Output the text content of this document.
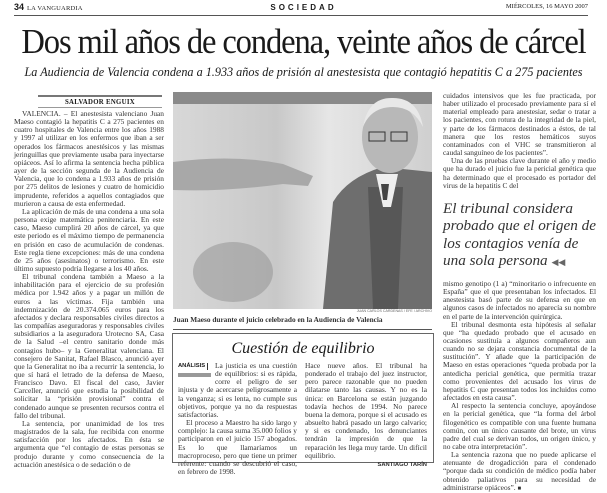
34 LA VANGUARDIA	SOCIEDAD	MIÉRCOLES, 16 MAYO 2007
Dos mil años de condena, veinte años de cárcel
La Audiencia de Valencia condena a 1.933 años de prisión al anestesista que contagió hepatitis C a 275 pacientes
SALVADOR ENGUIX

VALENCIA. – El anestesista valenciano Juan Maeso contagió la hepatitis C a 275 pacientes en cuatro hospitales de Valencia entre los años 1988 y 1997 al utilizar en los enfermos que iban a ser operados los fármacos anestésicos y las mismas jeringuillas que previamente usaba para inyectarse opiáceos. Así lo afirma la sentencia hecha pública ayer de la sección segunda de la Audiencia de Valencia, que lo condena a 1.933 años de prisión por 275 delitos de lesiones y cuatro de homicidio imprudente, referidos a aquellos contagiados que murieron a causa de esta enfermedad.

La aplicación de más de una condena a una sola persona exige matemática penitenciaria. En este caso, Maeso cumplirá 20 años de cárcel, ya que este periodo es el máximo tiempo de permanencia en prisión en caso de acumulación de condenas. Este regla tiene excepciones: más de una condena de 25 años (asesinatos) o terrorismo. En este último supuesto podría llegarse a los 40 años.

El tribunal condena también a Maeso a la inhabilitación para el ejercicio de su profesión médica por 1.942 años y a pagar un millón de euros a las víctimas. Fija también una indemnización de 20.374.065 euros para los afectados y declara responsables civiles directos a las compañías aseguradoras y responsables civiles subsidiarios a la aseguradora Urotecno SA, Casa de la Salud –el centro sanitario donde más contagios hubo– y la Generalitat valenciana. El consejero de Sanitat, Rafael Blasco, anunció ayer que la Generalitat no iba a recurrir la sentencia, lo que sí hará el letrado de la defensa de Maeso, Francisco Davo. El fiscal del caso, Javier Carceller, anunció que estudia la posibilidad de solicitar la “prisión provisional” contra el condenado aunque se presenten recursos contra el fallo del tribunal.

La sentencia, por unanimidad de los tres magistrados de la sala, fue recibida con enorme satisfacción por los afectados. En ésta se argumenta que “el contagio de estas personas se produjo durante y como consecuencia de la actuación anestésica o de sedación o de

JUAN CARLOS CÁRDENAS / EFE / ARCHIVO
Juan Maeso durante el juicio celebrado en la Audiencia de Valencia
Cuestión de equilibrio
ANÁLISIS	La justicia es una cuestión de equilibrios: si es rápida, corre el peligro de ser injusta y de acercarse peligrosamente a la venganza; si es lenta, no cumple sus objetivos, porque ya no da respuestas satisfactorias.

El proceso a Maestro ha sido largo y complejo: la causa suma 35.000 folios y participaron en el juicio 157 abogados. Es lo que llamaríamos un macroproceso, pero que tiene un primer referente: cuando se descubrió el caso, en febrero de 1998.

Hace nueve años. El tribunal ha ponderado el trabajo del juez instructor, pero parece razonable que no pueden dilatarse tanto las causas. Y no es la única: en Barcelona se están juzgando todavía hechos de 1994. No parece buena la demora, porque si el acusado es absuelto habrá pasado un largo calvario; y si es condenado, los denunciantes tendrán la impresión de que la reparación les llega muy tarde. Un difícil equilibrio.

SANTIAGO TARÍN

cuidados intensivos que les fue practicada, por haber utilizado el procesado previamente para sí el material empleado para anestesiar, sedar o tratar a los pacientes, con rotura de la integridad de la piel, y parte de los fármacos destinados a éstos, de tal manera que los restos hemáticos suyos contaminados con el VHC se transmitieron al caudal sanguíneo de los pacientes”.

Una de las pruebas clave durante el año y medio que ha durado el juicio fue la pericial genética que ha determinado que el procesado es portador del virus de la hepatitis C del

El tribunal considera probado que el origen de los contagios venía de una sola persona ◀◀

mismo genotipo (1 a) “minoritario o infrecuente en España” que el que presentaban los infectados. El anestesista basó parte de su defensa en que en algunos casos de infectados no aparecía su nombre en el parte de la intervención quirúrgica.

El tribunal desmonta esta hipótesis al señalar que “ha quedado probado que el acusado en ocasiones sustituía a algunos compañeros aun cuando no se dejara constancia documental de la sustitución”. Y añade que la participación de Maeso en estas operaciones “queda probada por la antedicha pericial genética, que permitía trazar como provenientes del acusado los virus de hepatitis C que presentan todos los incluidos como afectados en esta causa”.

Al respecto la sentencia concluye, apoyándose en la pericial genética, que “la forma del árbol filogenético es compatible con una fuente humana común, con un único causante del brote, un virus padre del cual se derivan todos, un origen único, y no cabe otra interpretación”.

La sentencia razona que no puede aplicarse el atenuante de drogadicción para el condenado “porque dada su condición de médico podía haber obtenido paliativos para su necesidad de administrarse opiáceos”. ■
